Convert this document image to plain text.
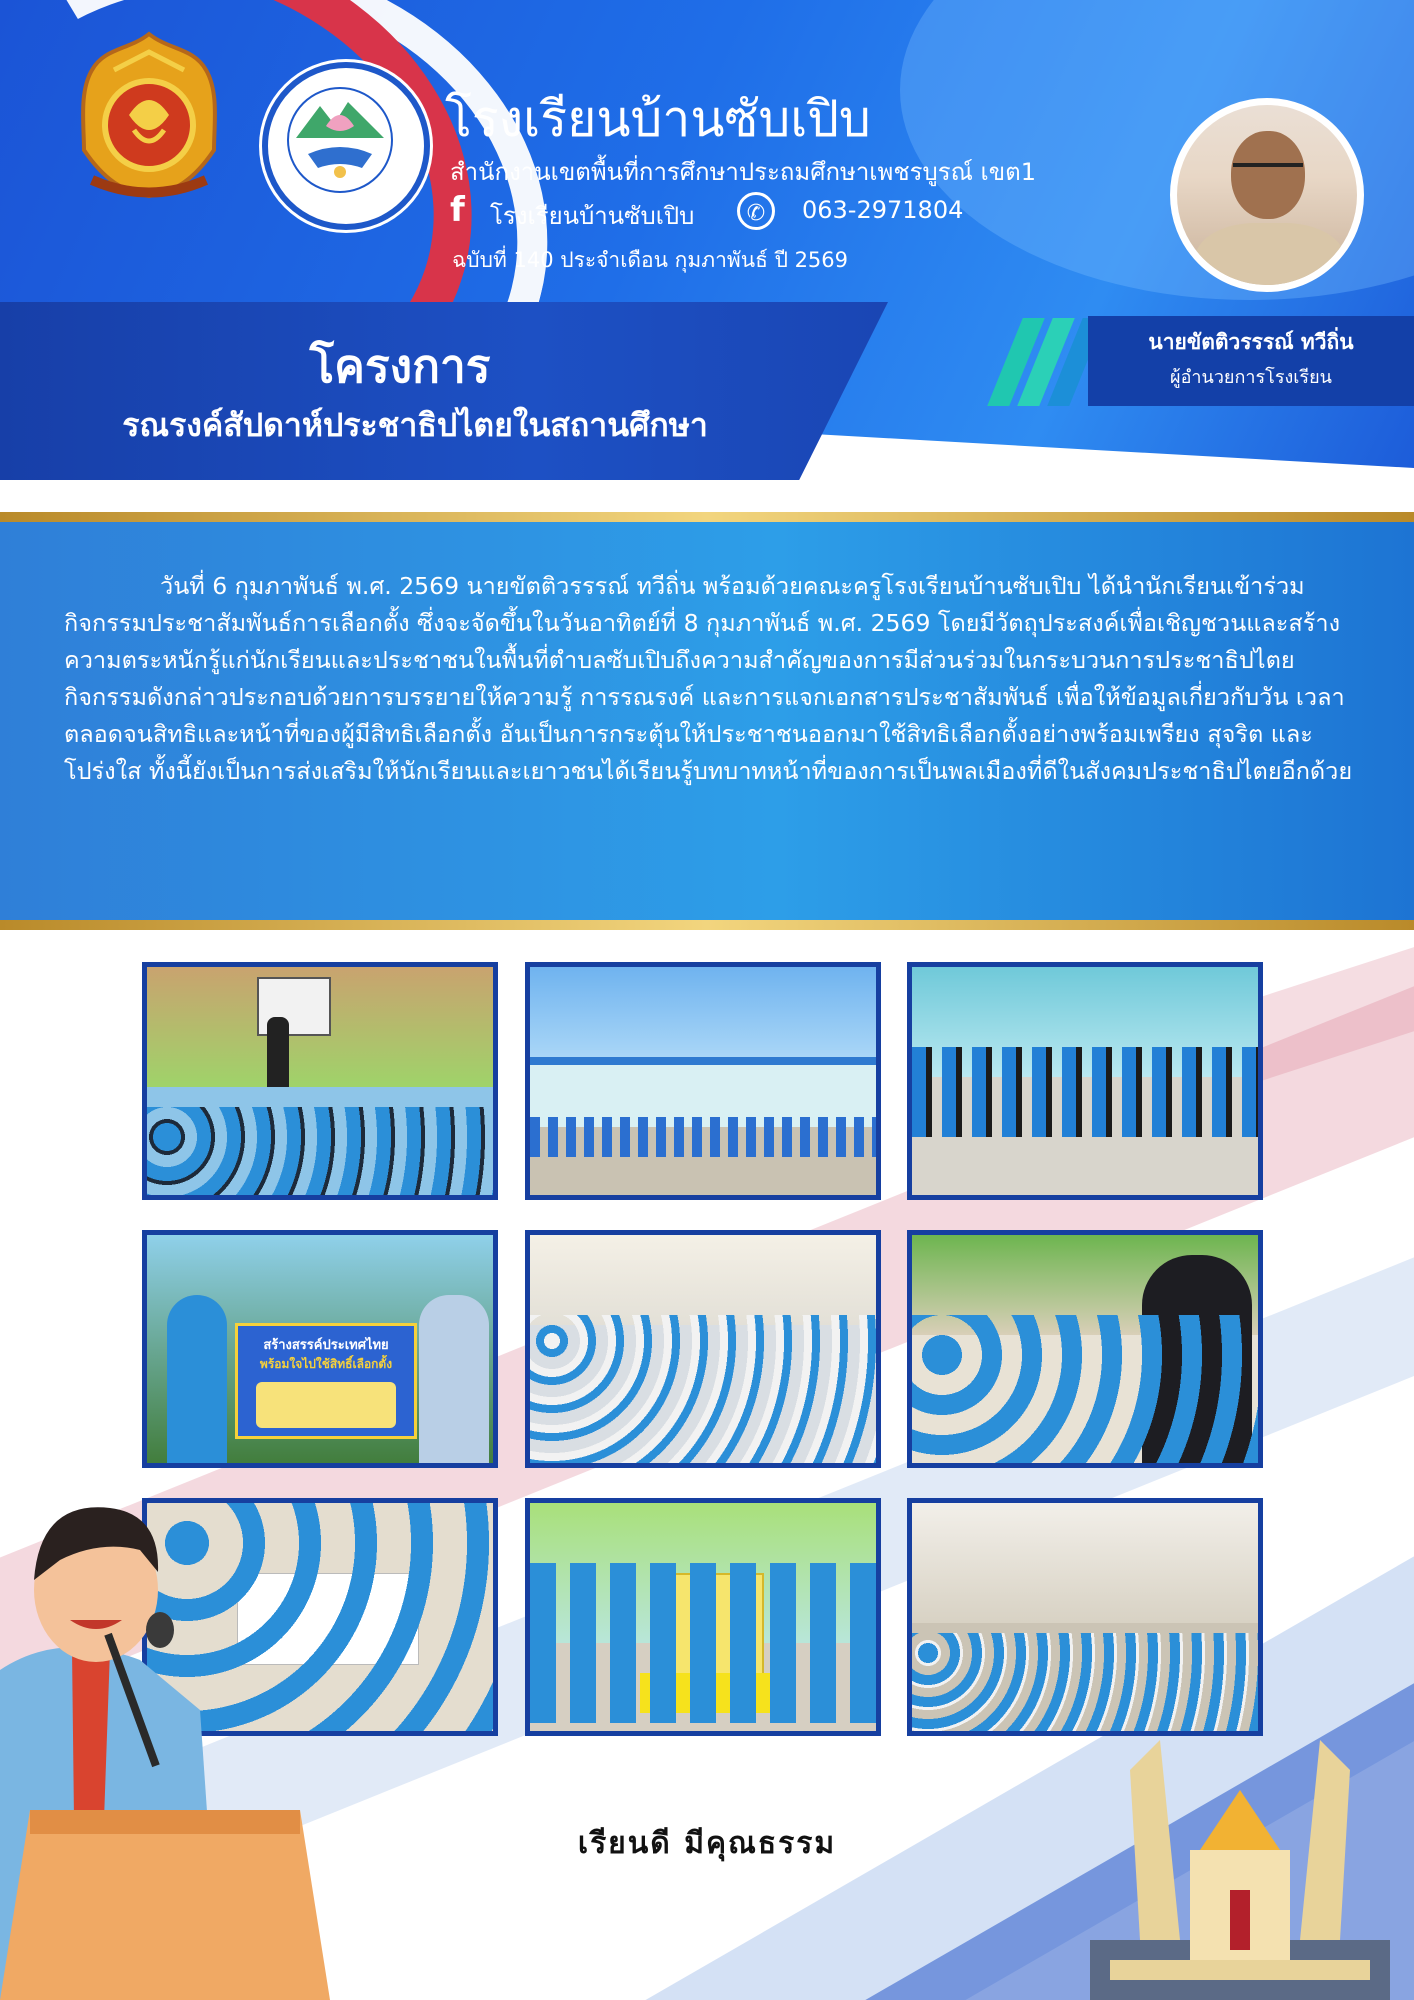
โรงเรียนบ้านซับเปิบ
สำนักงานเขตพื้นที่การศึกษาประถมศึกษาเพชรบูรณ์ เขต1
f	โรงเรียนบ้านซับเปิบ	✆	063-2971804
ฉบับที่ 140 ประจำเดือน กุมภาพันธ์ ปี 2569
โครงการ
รณรงค์สัปดาห์ประชาธิปไตยในสถานศึกษา
นายขัตติวรรรณ์ ทวีถิ่น
ผู้อำนวยการโรงเรียน

วันที่ 6 กุมภาพันธ์ พ.ศ. 2569 นายขัตติวรรรณ์ ทวีถิ่น พร้อมด้วยคณะครูโรงเรียนบ้านซับเปิบ ได้นำนักเรียนเข้าร่วมกิจกรรมประชาสัมพันธ์การเลือกตั้ง ซึ่งจะจัดขึ้นในวันอาทิตย์ที่ 8 กุมภาพันธ์ พ.ศ. 2569 โดยมีวัตถุประสงค์เพื่อเชิญชวนและสร้างความตระหนักรู้แก่นักเรียนและประชาชนในพื้นที่ตำบลซับเปิบถึงความสำคัญของการมีส่วนร่วมในกระบวนการประชาธิปไตย

กิจกรรมดังกล่าวประกอบด้วยการบรรยายให้ความรู้ การรณรงค์ และการแจกเอกสารประชาสัมพันธ์ เพื่อให้ข้อมูลเกี่ยวกับวัน เวลา ตลอดจนสิทธิและหน้าที่ของผู้มีสิทธิเลือกตั้ง อันเป็นการกระตุ้นให้ประชาชนออกมาใช้สิทธิเลือกตั้งอย่างพร้อมเพรียง สุจริต และโปร่งใส ทั้งนี้ยังเป็นการส่งเสริมให้นักเรียนและเยาวชนได้เรียนรู้บทบาทหน้าที่ของการเป็นพลเมืองที่ดีในสังคมประชาธิปไตยอีกด้วย

สร้างสรรค์ประเทศไทย
พร้อมใจไปใช้สิทธิ์เลือกตั้ง
เรียนดี มีคุณธรรม
